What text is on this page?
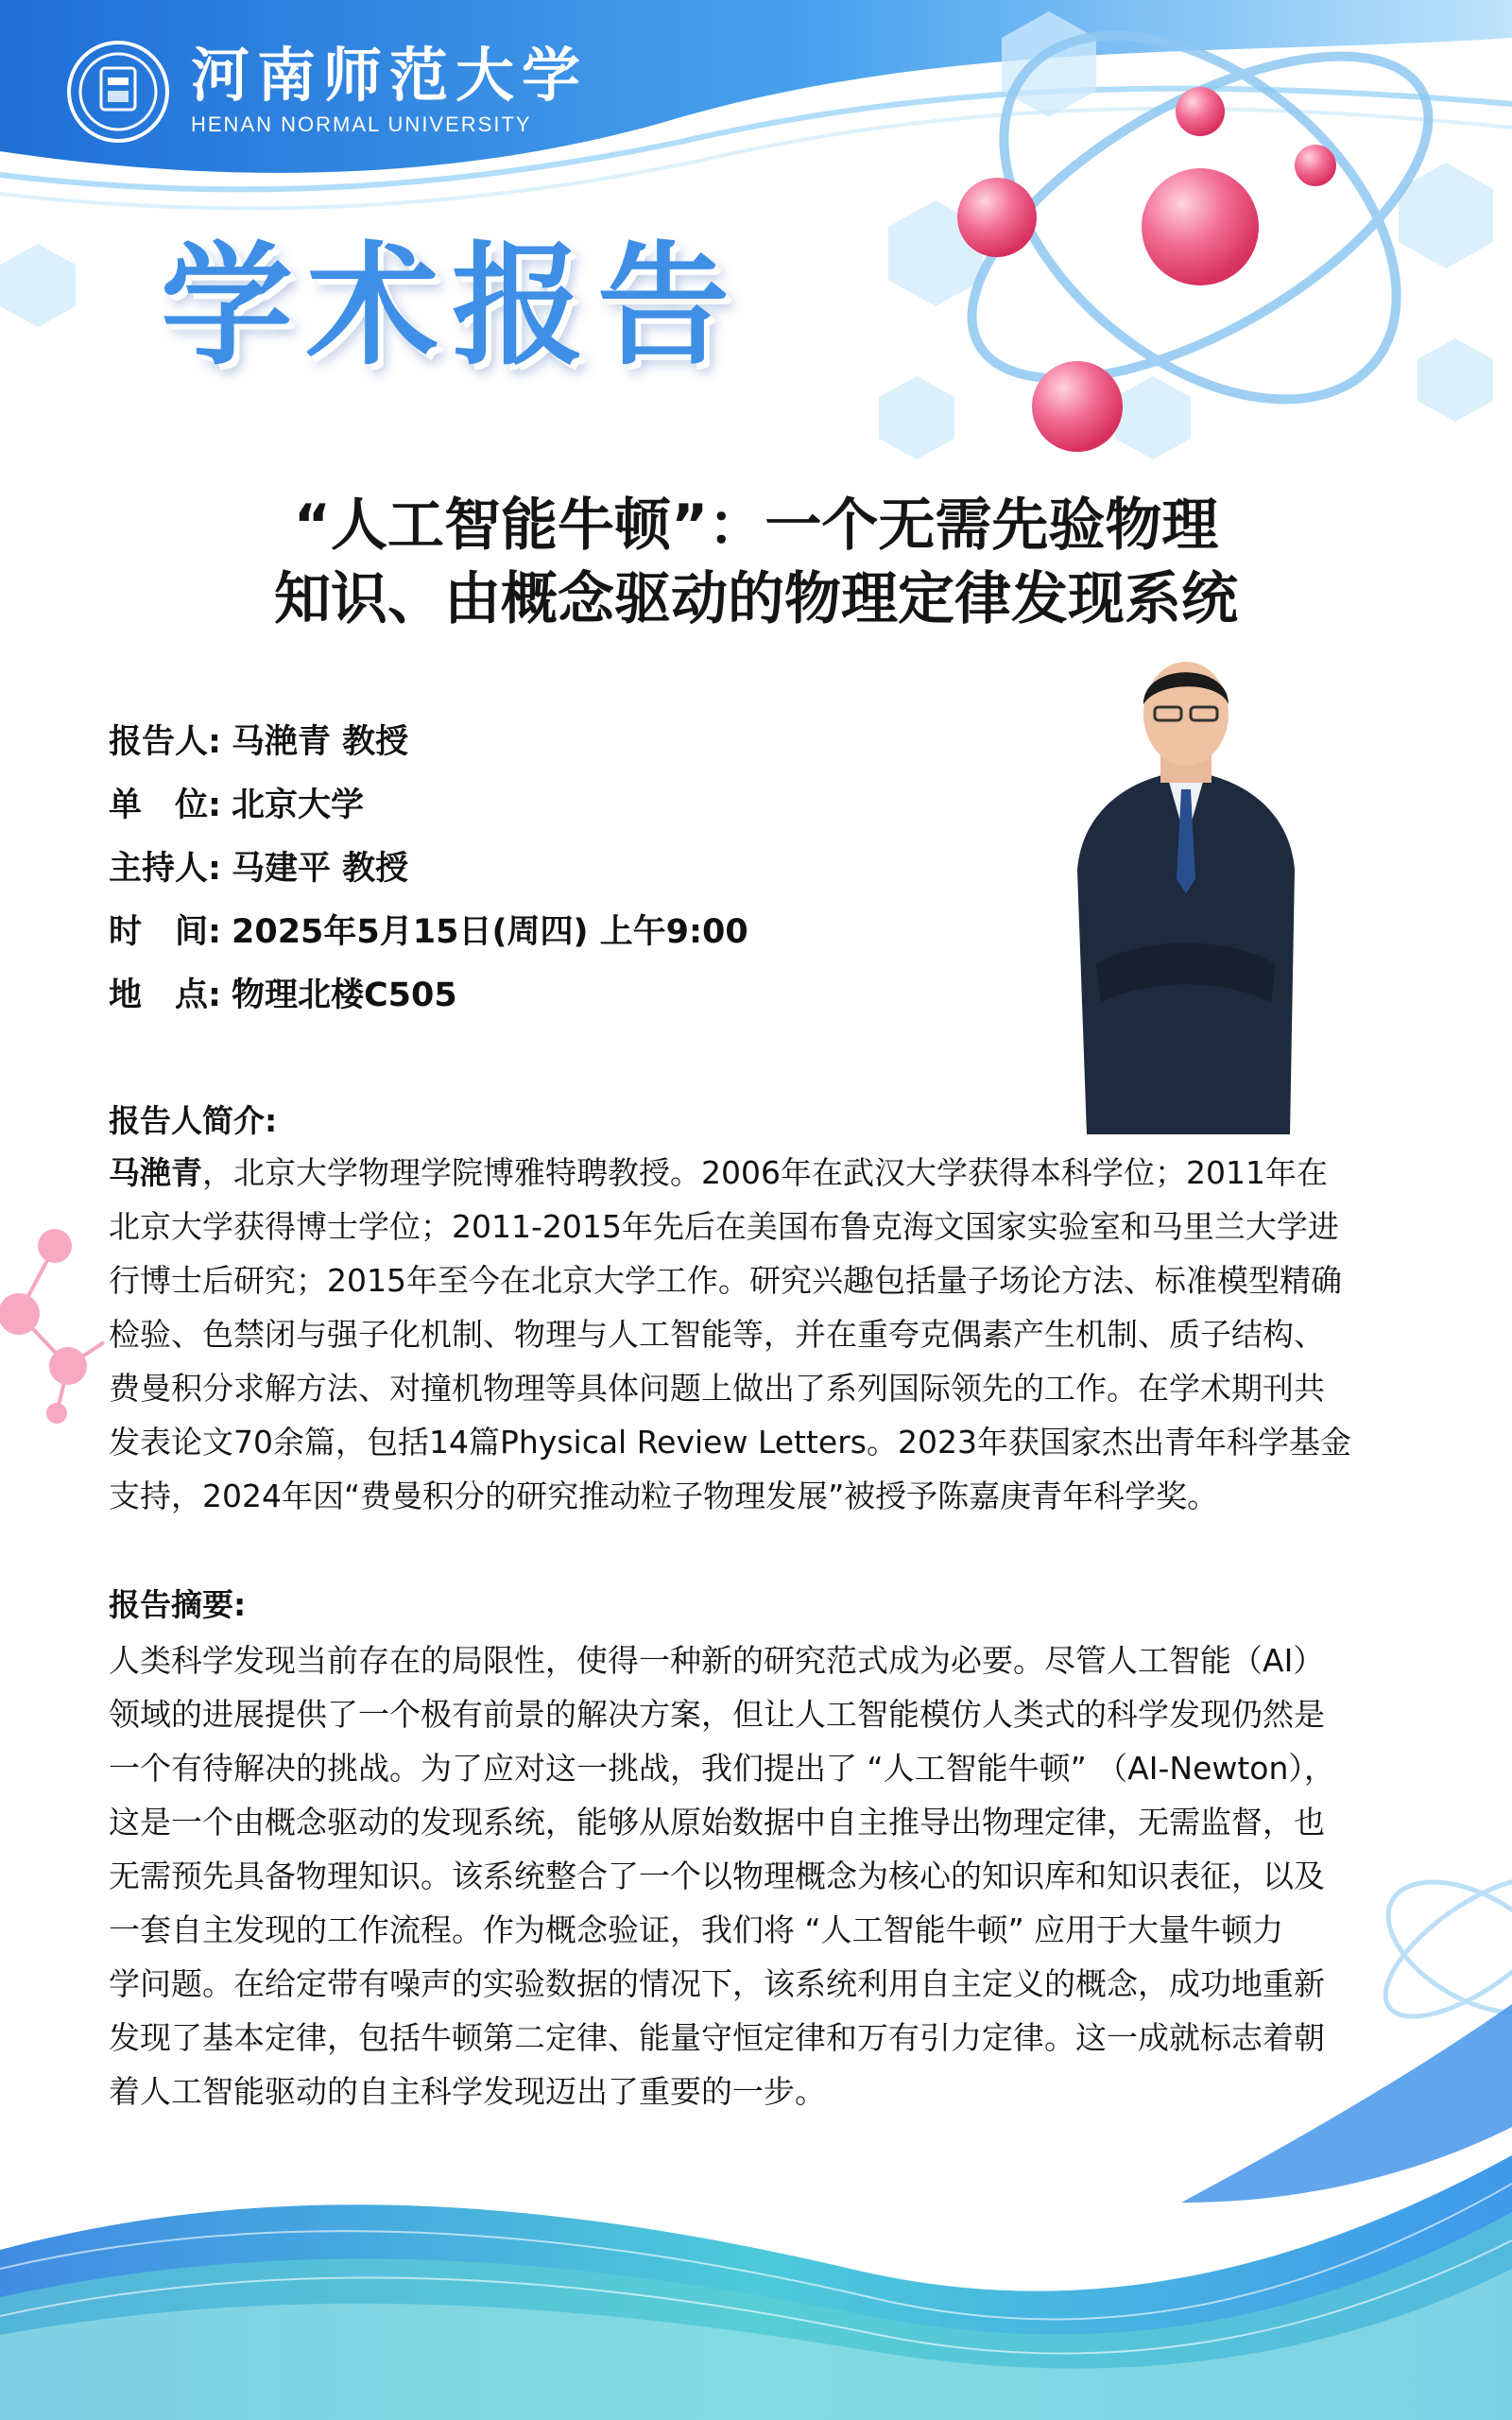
河南师范大学
HENAN NORMAL UNIVERSITY
学术报告
“人工智能牛顿”：一个无需先验物理
知识、由概念驱动的物理定律发现系统
报告人: 马滟青 教授
单　位: 北京大学
主持人: 马建平 教授
时　间: 2025年5月15日(周四) 上午9:00
地　点: 物理北楼C505
报告人简介:
马滟青，北京大学物理学院博雅特聘教授。2006年在武汉大学获得本科学位；2011年在
北京大学获得博士学位；2011-2015年先后在美国布鲁克海文国家实验室和马里兰大学进
行博士后研究；2015年至今在北京大学工作。研究兴趣包括量子场论方法、标准模型精确
检验、色禁闭与强子化机制、物理与人工智能等，并在重夸克偶素产生机制、质子结构、
费曼积分求解方法、对撞机物理等具体问题上做出了系列国际领先的工作。在学术期刊共
发表论文70余篇，包括14篇Physical Review Letters。2023年获国家杰出青年科学基金
支持，2024年因“费曼积分的研究推动粒子物理发展”被授予陈嘉庚青年科学奖。
报告摘要:
人类科学发现当前存在的局限性，使得一种新的研究范式成为必要。尽管人工智能（AI）
领域的进展提供了一个极有前景的解决方案，但让人工智能模仿人类式的科学发现仍然是
一个有待解决的挑战。为了应对这一挑战，我们提出了 “人工智能牛顿” （AI-Newton），
这是一个由概念驱动的发现系统，能够从原始数据中自主推导出物理定律，无需监督，也
无需预先具备物理知识。该系统整合了一个以物理概念为核心的知识库和知识表征，以及
一套自主发现的工作流程。作为概念验证，我们将 “人工智能牛顿” 应用于大量牛顿力
学问题。在给定带有噪声的实验数据的情况下，该系统利用自主定义的概念，成功地重新
发现了基本定律，包括牛顿第二定律、能量守恒定律和万有引力定律。这一成就标志着朝
着人工智能驱动的自主科学发现迈出了重要的一步。
